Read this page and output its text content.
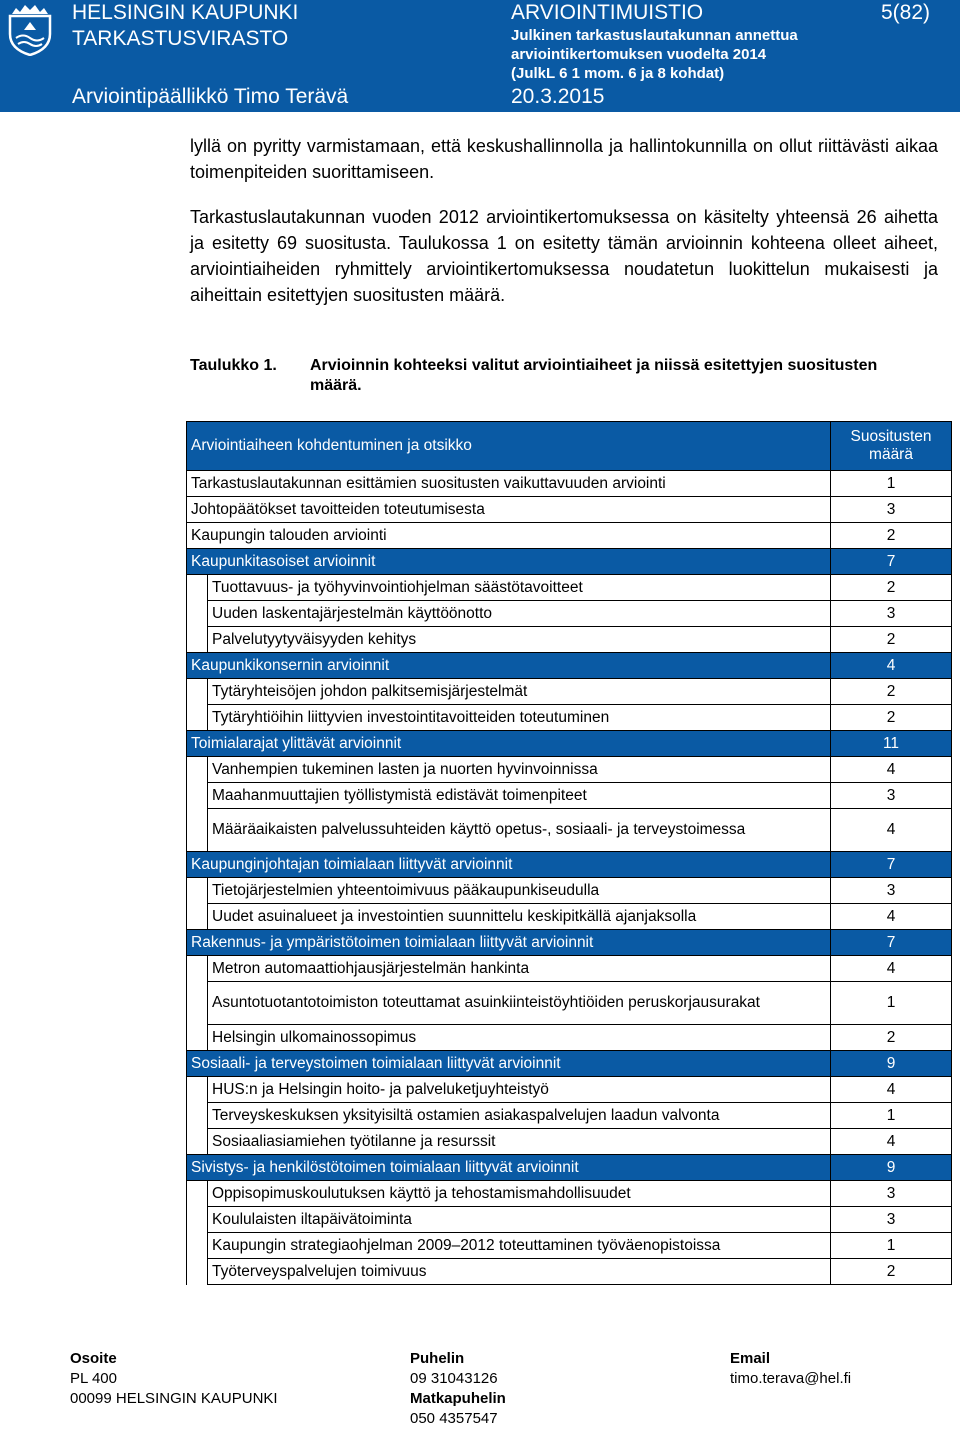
HELSINGIN KAUPUNKI
TARKASTUSVIRASTO
ARVIOINTIMUISTIO
Julkinen tarkastuslautakunnan annettua
arviointikertomuksen vuodelta 2014
(JulkL 6 1 mom. 6 ja 8 kohdat)
5(82)
Arviointipäällikkö Timo Terävä	20.3.2015
lyllä on pyritty varmistamaan, että keskushallinnolla ja hallintokunnilla on ollut riittävästi aikaa toimenpiteiden suorittamiseen.
Tarkastuslautakunnan vuoden 2012 arviointikertomuksessa on käsitelty yhteensä 26 aihetta ja esitetty 69 suositusta. Taulukossa 1 on esitetty tämän arvioinnin kohteena olleet aiheet, arviointiaiheiden ryhmittely arviointikertomuksessa noudatetun luokittelun mukaisesti ja aiheittain esitettyjen suositusten määrä.
Taulukko 1. Arvioinnin kohteeksi valitut arviointiaiheet ja niissä esitettyjen suositusten määrä.
Arviointiaiheen kohdentuminen ja otsikko		Suositusten määrä
Tarkastuslautakunnan esittämien suositusten vaikuttavuuden arviointi		1
Johtopäätökset tavoitteiden toteutumisesta		3
Kaupungin talouden arviointi		2
Kaupunkitasoiset arvioinnit		7
	Tuottavuus- ja työhyvinvointiohjelman säästötavoitteet	2
	Uuden laskentajärjestelmän käyttöönotto	3
	Palvelutyytyväisyyden kehitys	2
Kaupunkikonsernin arvioinnit		4
	Tytäryhteisöjen johdon palkitsemisjärjestelmät	2
	Tytäryhtiöihin liittyvien investointitavoitteiden toteutuminen	2
Toimialarajat ylittävät arvioinnit		11
	Vanhempien tukeminen lasten ja nuorten hyvinvoinnissa	4
	Maahanmuuttajien työllistymistä edistävät toimenpiteet	3
	Määräaikaisten palvelussuhteiden käyttö opetus-, sosiaali- ja terveystoimessa	4
Kaupunginjohtajan toimialaan liittyvät arvioinnit		7
	Tietojärjestelmien yhteentoimivuus pääkaupunkiseudulla	3
	Uudet asuinalueet ja investointien suunnittelu keskipitkällä ajanjaksolla	4
Rakennus- ja ympäristötoimen toimialaan liittyvät arvioinnit		7
	Metron automaattiohjausjärjestelmän hankinta	4
	Asuntotuotantotoimiston toteuttamat asuinkiinteistöyhtiöiden peruskorjausurakat	1
	Helsingin ulkomainossopimus	2
Sosiaali- ja terveystoimen toimialaan liittyvät arvioinnit		9
	HUS:n ja Helsingin hoito- ja palveluketjuyhteistyö	4
	Terveyskeskuksen yksityisiltä ostamien asiakaspalvelujen laadun valvonta	1
	Sosiaaliasiamiehen työtilanne ja resurssit	4
Sivistys- ja henkilöstötoimen toimialaan liittyvät arvioinnit		9
	Oppisopimuskoulutuksen käyttö ja tehostamismahdollisuudet	3
	Koululaisten iltapäivätoiminta	3
	Kaupungin strategiaohjelman 2009–2012 toteuttaminen työväenopistoissa	1
	Työterveyspalvelujen toimivuus	2
Osoite
PL 400
00099 HELSINGIN KAUPUNKI
Puhelin
09 31043126
Matkapuhelin
050 4357547
Email
timo.terava@hel.fi
